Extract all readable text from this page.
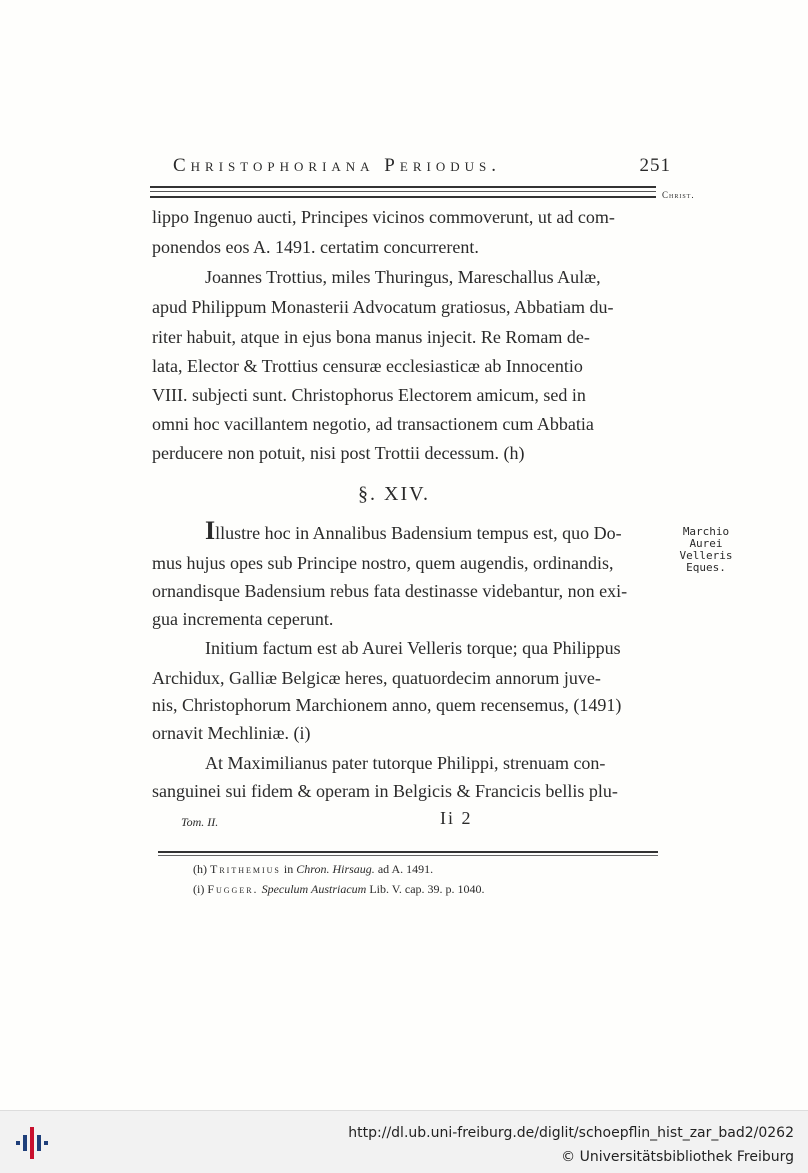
Christophoriana Periodus.	251
Christ.
lippo Ingenuo aucti, Principes vicinos commoverunt, ut ad com-
ponendos eos A. 1491. certatim concurrerent.
Joannes Trottius, miles Thuringus, Mareschallus Aulæ,
apud Philippum Monasterii Advocatum gratiosus, Abbatiam du-
riter habuit, atque in ejus bona manus injecit. Re Romam de-
lata, Elector & Trottius censuræ ecclesiasticæ ab Innocentio
VIII. subjecti sunt. Christophorus Electorem amicum, sed in
omni hoc vacillantem negotio, ad transactionem cum Abbatia
perducere non potuit, nisi post Trottii decessum. (h)
§. XIV.
Illustre hoc in Annalibus Badensium tempus est, quo Do-
mus hujus opes sub Principe nostro, quem augendis, ordinandis,
ornandisque Badensium rebus fata destinasse videbantur, non exi-
gua incrementa ceperunt.
Marchio
Aurei
Velleris
Eques.
Initium factum est ab Aurei Velleris torque; qua Philippus
Archidux, Galliæ Belgicæ heres, quatuordecim annorum juve-
nis, Christophorum Marchionem anno, quem recensemus, (1491)
ornavit Mechliniæ. (i)
At Maximilianus pater tutorque Philippi, strenuam con-
sanguinei sui fidem & operam in Belgicis & Francicis bellis plu-
Tom. II.	Ii 2
(h) Trithemius in Chron. Hirsaug. ad A. 1491.
(i) Fugger. Speculum Austriacum Lib. V. cap. 39. p. 1040.
http://dl.ub.uni-freiburg.de/diglit/schoepflin_hist_zar_bad2/0262
© Universitätsbibliothek Freiburg
